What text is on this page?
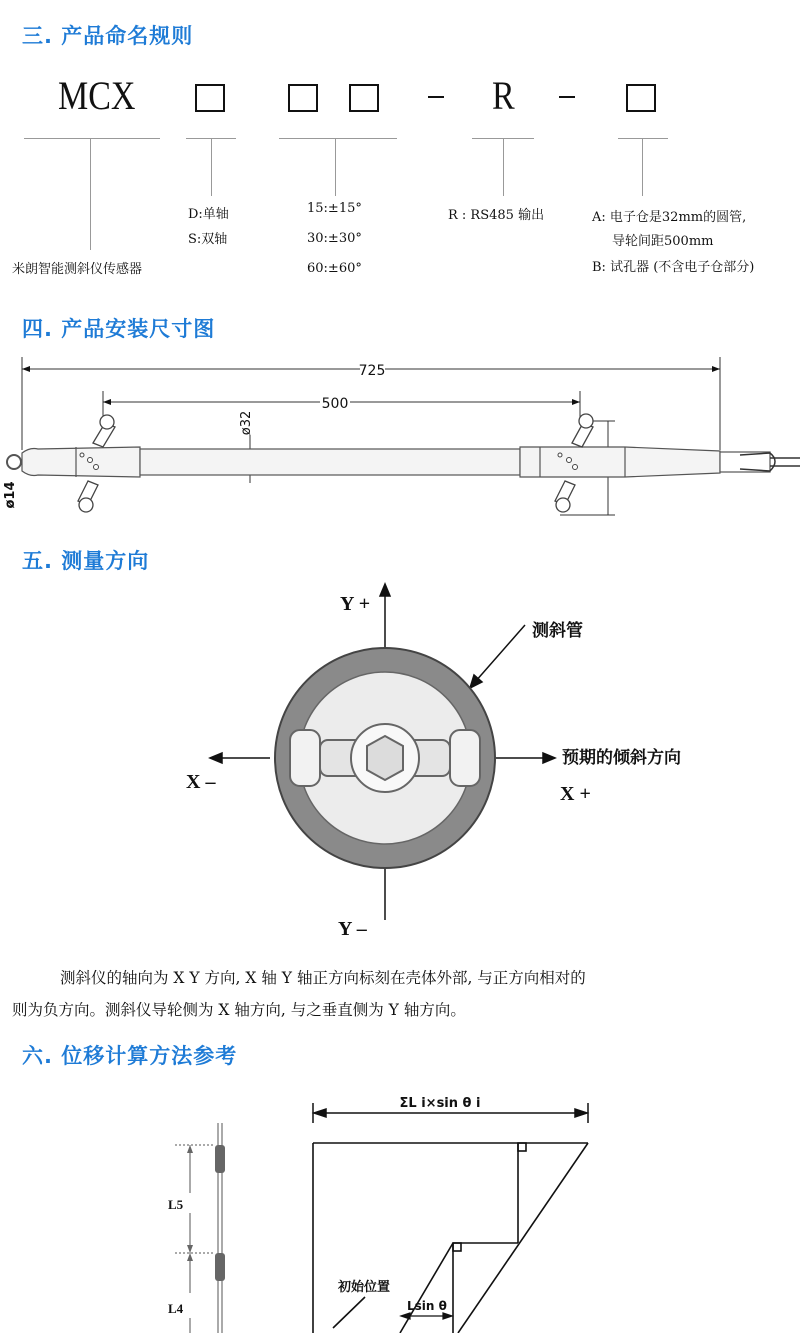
三. 产品命名规则
MCX	R
米朗智能测斜仪传感器
D:单轴
S:双轴
15:±15°
30:±30°
60:±60°
R : RS485 输出	A: 电子仓是32mm的圆管,
导轮间距500mm
B: 试孔器 (不含电子仓部分)
四. 产品安装尺寸图
725
500
ø32
ø14
五. 测量方向
Y +
Y –
X –
X +
测斜管
预期的倾斜方向
测斜仪的轴向为 X Y 方向, X 轴 Y 轴正方向标刻在壳体外部, 与正方向相对的
则为负方向。测斜仪导轮侧为 X 轴方向, 与之垂直侧为 Y 轴方向。
六. 位移计算方法参考
L5
L4
ΣL i×sin θ i
初始位置
Lsin θ
